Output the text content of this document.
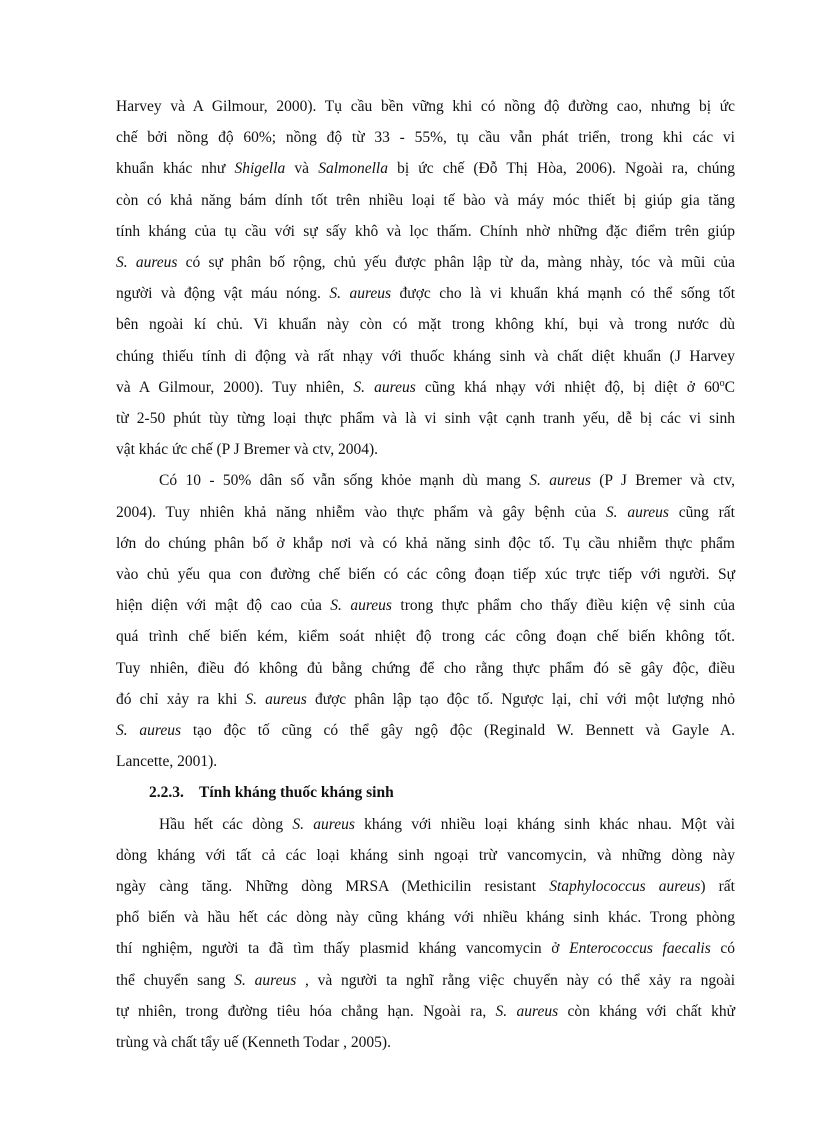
Harvey và A Gilmour, 2000). Tụ cầu bền vững khi có nồng độ đường cao, nhưng bị ức
chế bởi nồng độ 60%; nồng độ từ 33 - 55%, tụ cầu vẫn phát triển, trong khi các vi
khuẩn khác như Shigella và Salmonella bị ức chế (Đỗ Thị Hòa, 2006). Ngoài ra, chúng
còn có khả năng bám dính tốt trên nhiều loại tế bào và máy móc thiết bị giúp gia tăng
tính kháng của tụ cầu với sự sấy khô và lọc thấm. Chính nhờ những đặc điểm trên giúp
S. aureus có sự phân bố rộng, chủ yếu được phân lập từ da, màng nhày, tóc và mũi của
người và động vật máu nóng. S. aureus được cho là vi khuẩn khá mạnh có thể sống tốt
bên ngoài kí chủ. Vi khuẩn này còn có mặt trong không khí, bụi và trong nước dù
chúng thiếu tính di động và rất nhạy với thuốc kháng sinh và chất diệt khuẩn (J Harvey
và A Gilmour, 2000). Tuy nhiên, S. aureus cũng khá nhạy với nhiệt độ, bị diệt ở 60$^o$C
từ 2-50 phút tùy từng loại thực phẩm và là vi sinh vật cạnh tranh yếu, dễ bị các vi sinh
vật khác ức chế (P J Bremer và ctv, 2004).
Có 10 - 50% dân số vẫn sống khỏe mạnh dù mang S. aureus (P J Bremer và ctv,
2004). Tuy nhiên khả năng nhiễm vào thực phẩm và gây bệnh của S. aureus cũng rất
lớn do chúng phân bố ở khắp nơi và có khả năng sinh độc tố. Tụ cầu nhiễm thực phẩm
vào chủ yếu qua con đường chế biến có các công đoạn tiếp xúc trực tiếp với người. Sự
hiện diện với mật độ cao của S. aureus trong thực phẩm cho thấy điều kiện vệ sinh của
quá trình chế biến kém, kiểm soát nhiệt độ trong các công đoạn chế biến không tốt.
Tuy nhiên, điều đó không đủ bằng chứng để cho rằng thực phẩm đó sẽ gây độc, điều
đó chỉ xảy ra khi S. aureus được phân lập tạo độc tố. Ngược lại, chỉ với một lượng nhỏ
S. aureus tạo độc tố cũng có thể gây ngộ độc (Reginald W. Bennett và Gayle A.
Lancette, 2001).
2.2.3. Tính kháng thuốc kháng sinh
Hầu hết các dòng S. aureus kháng với nhiều loại kháng sinh khác nhau. Một vài
dòng kháng với tất cả các loại kháng sinh ngoại trừ vancomycin, và những dòng này
ngày càng tăng. Những dòng MRSA (Methicilin resistant Staphylococcus aureus) rất
phổ biến và hầu hết các dòng này cũng kháng với nhiều kháng sinh khác. Trong phòng
thí nghiệm, người ta đã tìm thấy plasmid kháng vancomycin ở Enterococcus faecalis có
thể chuyển sang S. aureus , và người ta nghĩ rằng việc chuyển này có thể xảy ra ngoài
tự nhiên, trong đường tiêu hóa chẳng hạn. Ngoài ra, S. aureus còn kháng với chất khử
trùng và chất tẩy uế (Kenneth Todar , 2005).
